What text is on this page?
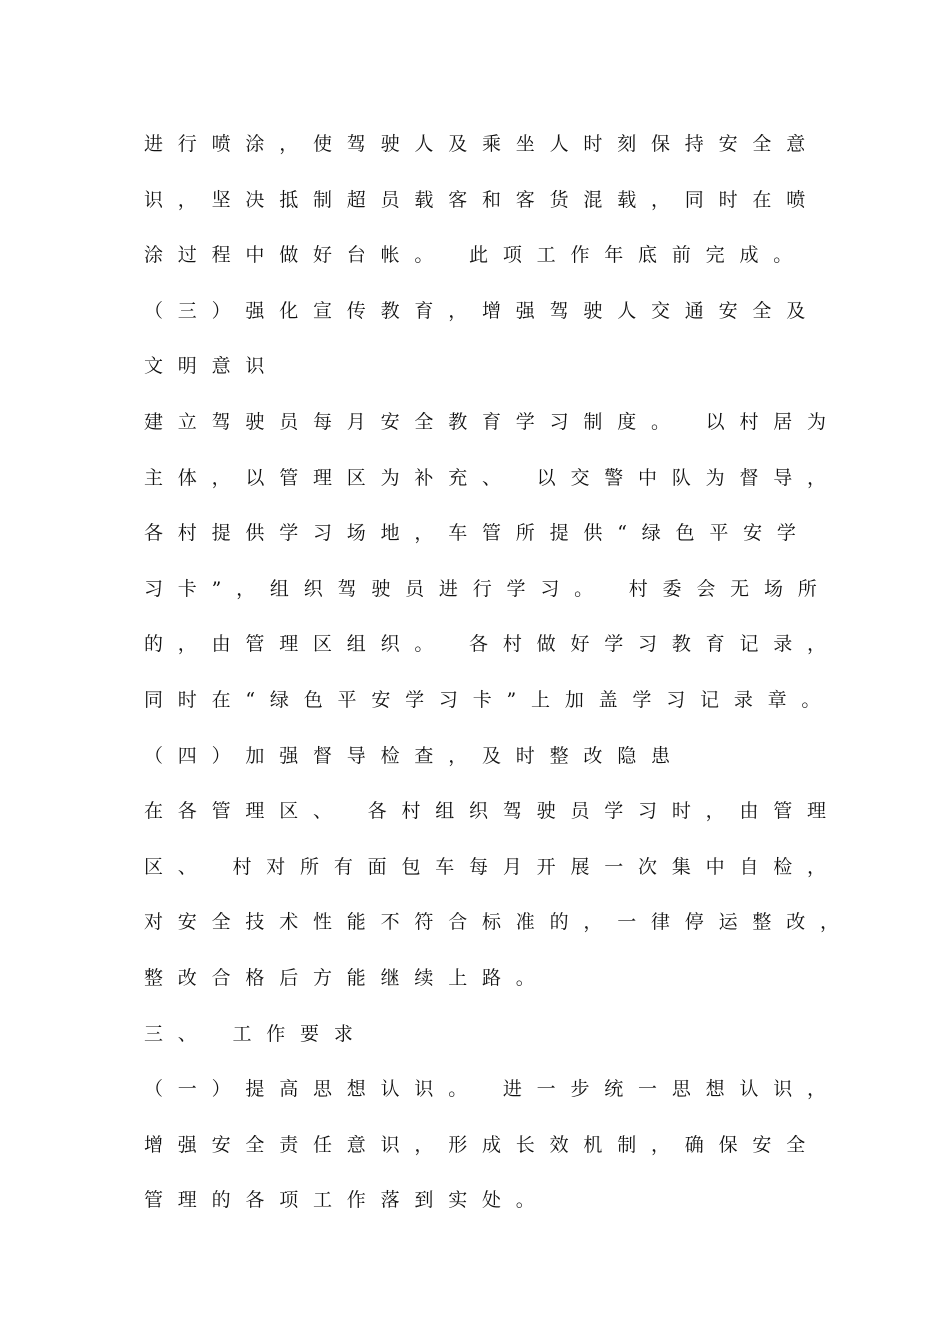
进行喷涂，使驾驶人及乘坐人时刻保持安全意
识，坚决抵制超员载客和客货混载，同时在喷
涂过程中做好台帐。 此项工作年底前完成。
（三）强化宣传教育，增强驾驶人交通安全及
文明意识
建立驾驶员每月安全教育学习制度。 以村居为
主体，以管理区为补充、 以交警中队为督导，
各村提供学习场地，车管所提供“绿色平安学
习卡”，组织驾驶员进行学习。 村委会无场所
的，由管理区组织。 各村做好学习教育记录，
同时在“绿色平安学习卡”上加盖学习记录章。
（四）加强督导检查，及时整改隐患
在各管理区、 各村组织驾驶员学习时，由管理
区、 村对所有面包车每月开展一次集中自检，
对安全技术性能不符合标准的，一律停运整改，
整改合格后方能继续上路。
三、 工作要求
（一）提高思想认识。 进一步统一思想认识，
增强安全责任意识，形成长效机制，确保安全
管理的各项工作落到实处。
